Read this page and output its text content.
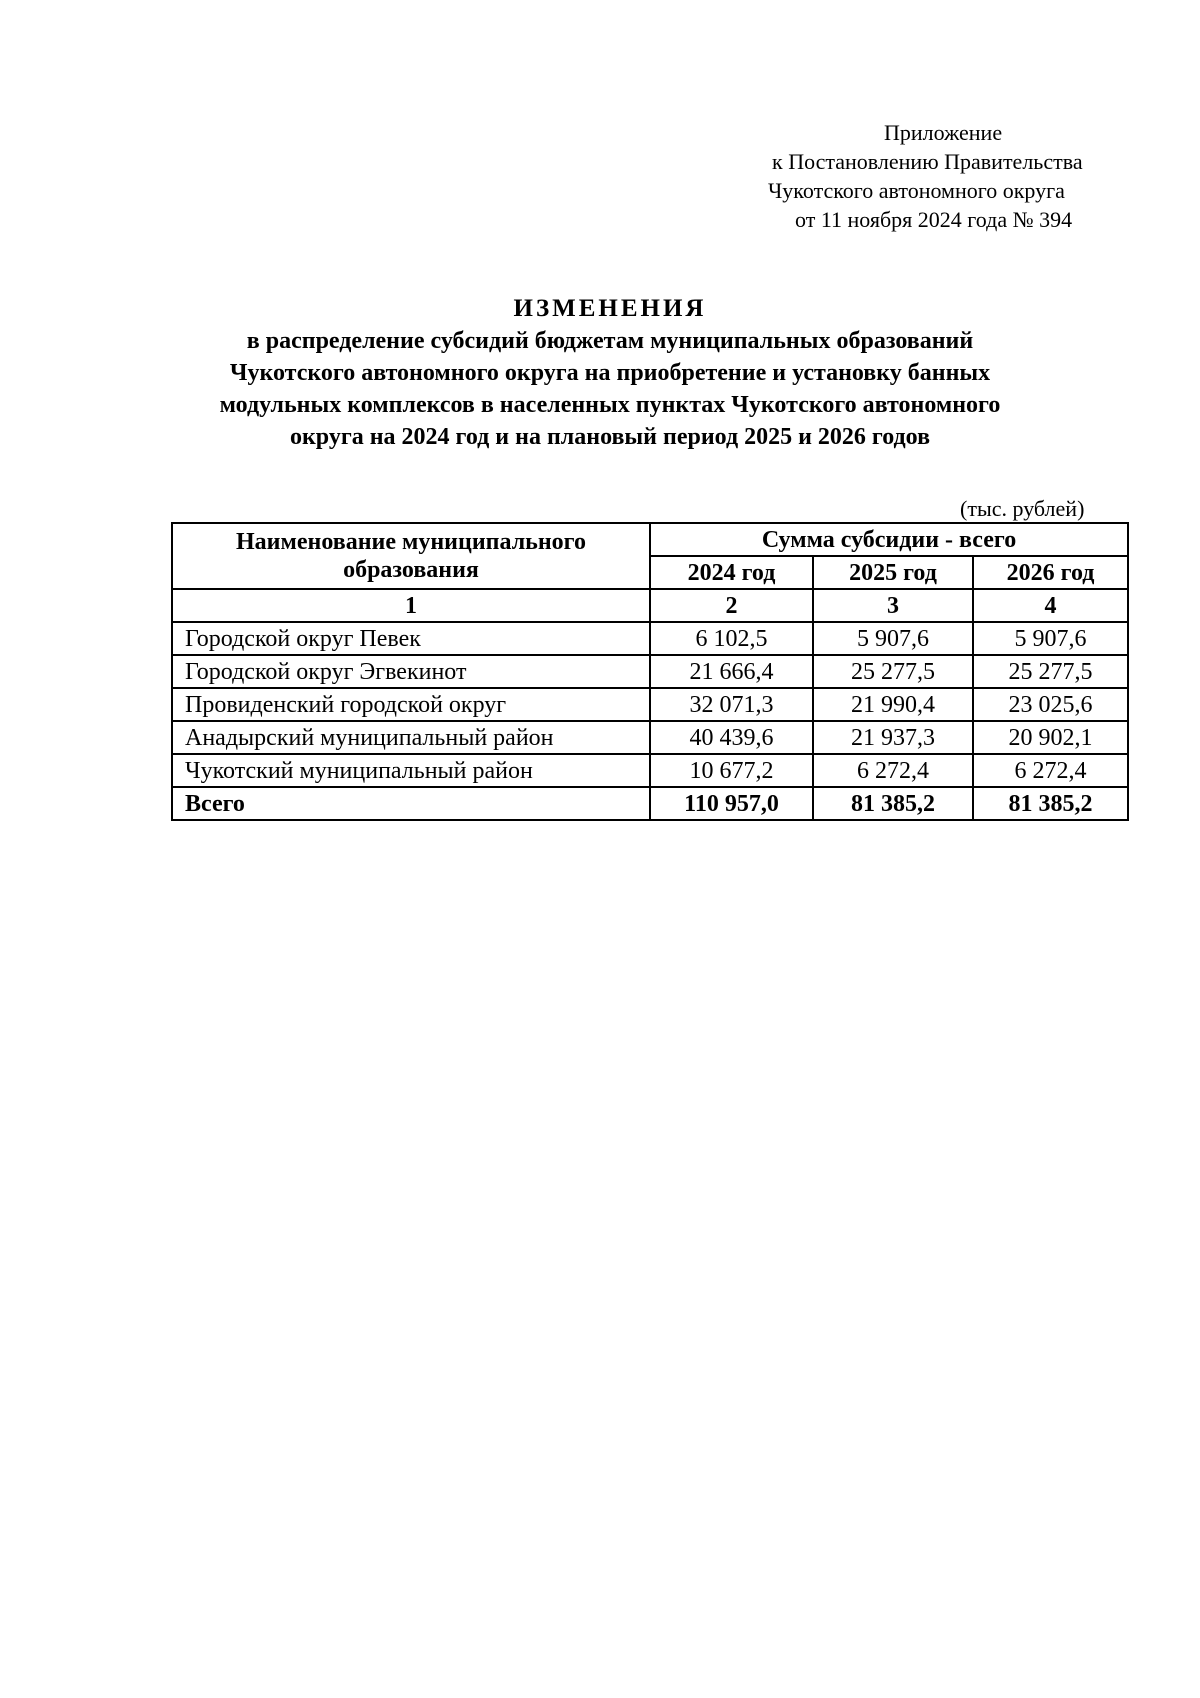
Приложение
к Постановлению Правительства
Чукотского автономного округа
от 11 ноября 2024 года № 394
ИЗМЕНЕНИЯ
в распределение субсидий бюджетам муниципальных образований
Чукотского автономного округа на приобретение и установку банных
модульных комплексов в населенных пунктах Чукотского автономного
округа на 2024 год и на плановый период 2025 и 2026 годов
(тыс. рублей)
Наименование муниципального образования	Сумма субсидии - всего		
	2024 год	2025 год	2026 год
1	2	3	4
Городской округ Певек	6 102,5	5 907,6	5 907,6
Городской округ Эгвекинот	21 666,4	25 277,5	25 277,5
Провиденский городской округ	32 071,3	21 990,4	23 025,6
Анадырский муниципальный район	40 439,6	21 937,3	20 902,1
Чукотский муниципальный район	10 677,2	6 272,4	6 272,4
Всего	110 957,0	81 385,2	81 385,2
